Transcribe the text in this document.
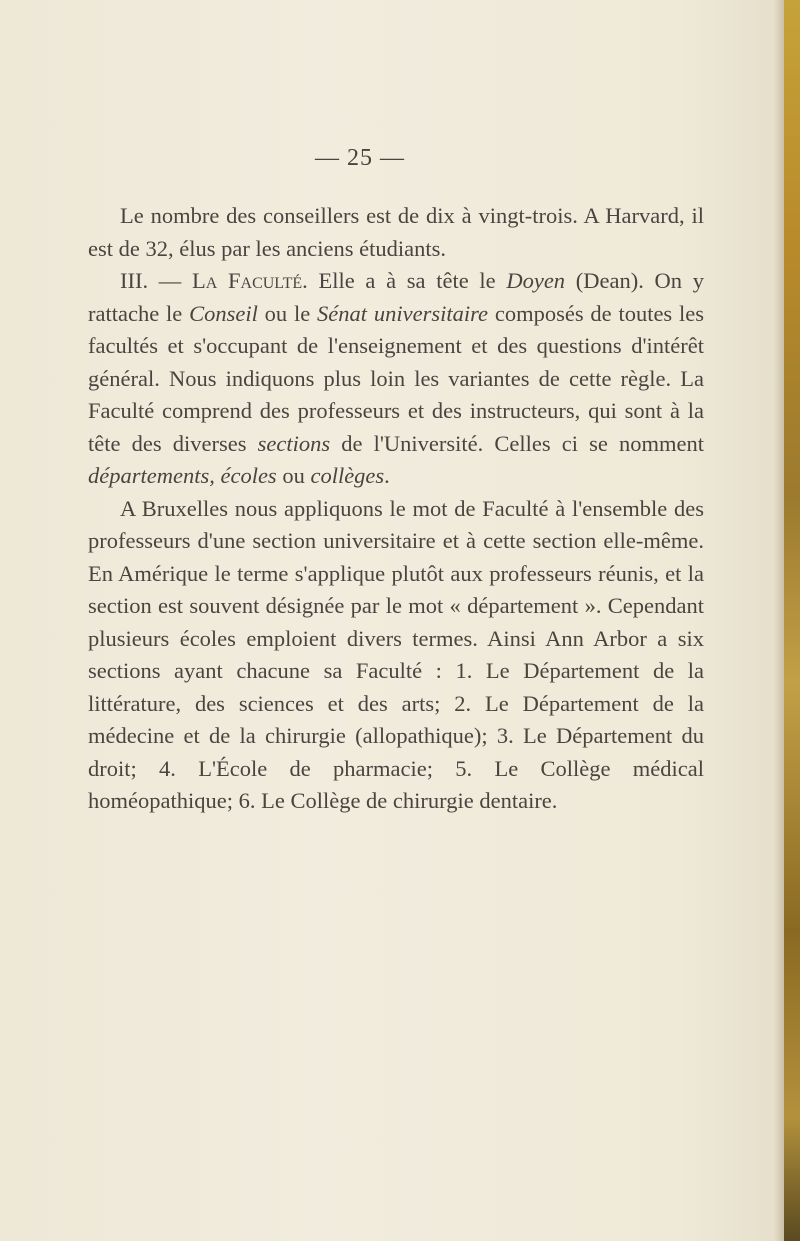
— 25 —

Le nombre des conseillers est de dix à vingt-trois. A Harvard, il est de 32, élus par les anciens étudiants.

III. — La Faculté. Elle a à sa tête le Doyen (Dean). On y rattache le Conseil ou le Sénat universitaire composés de toutes les facultés et s'occupant de l'enseignement et des questions d'intérêt général. Nous indiquons plus loin les variantes de cette règle. La Faculté comprend des professeurs et des instructeurs, qui sont à la tête des diverses sections de l'Université. Celles ci se nomment départements, écoles ou collèges.

A Bruxelles nous appliquons le mot de Faculté à l'ensemble des professeurs d'une section universitaire et à cette section elle-même. En Amérique le terme s'applique plutôt aux professeurs réunis, et la section est souvent désignée par le mot « département ». Cependant plusieurs écoles emploient divers termes. Ainsi Ann Arbor a six sections ayant chacune sa Faculté : 1. Le Département de la littérature, des sciences et des arts; 2. Le Département de la médecine et de la chirurgie (allopathique); 3. Le Département du droit; 4. L'École de pharmacie; 5. Le Collège médical homéopathique; 6. Le Collège de chirurgie dentaire.
